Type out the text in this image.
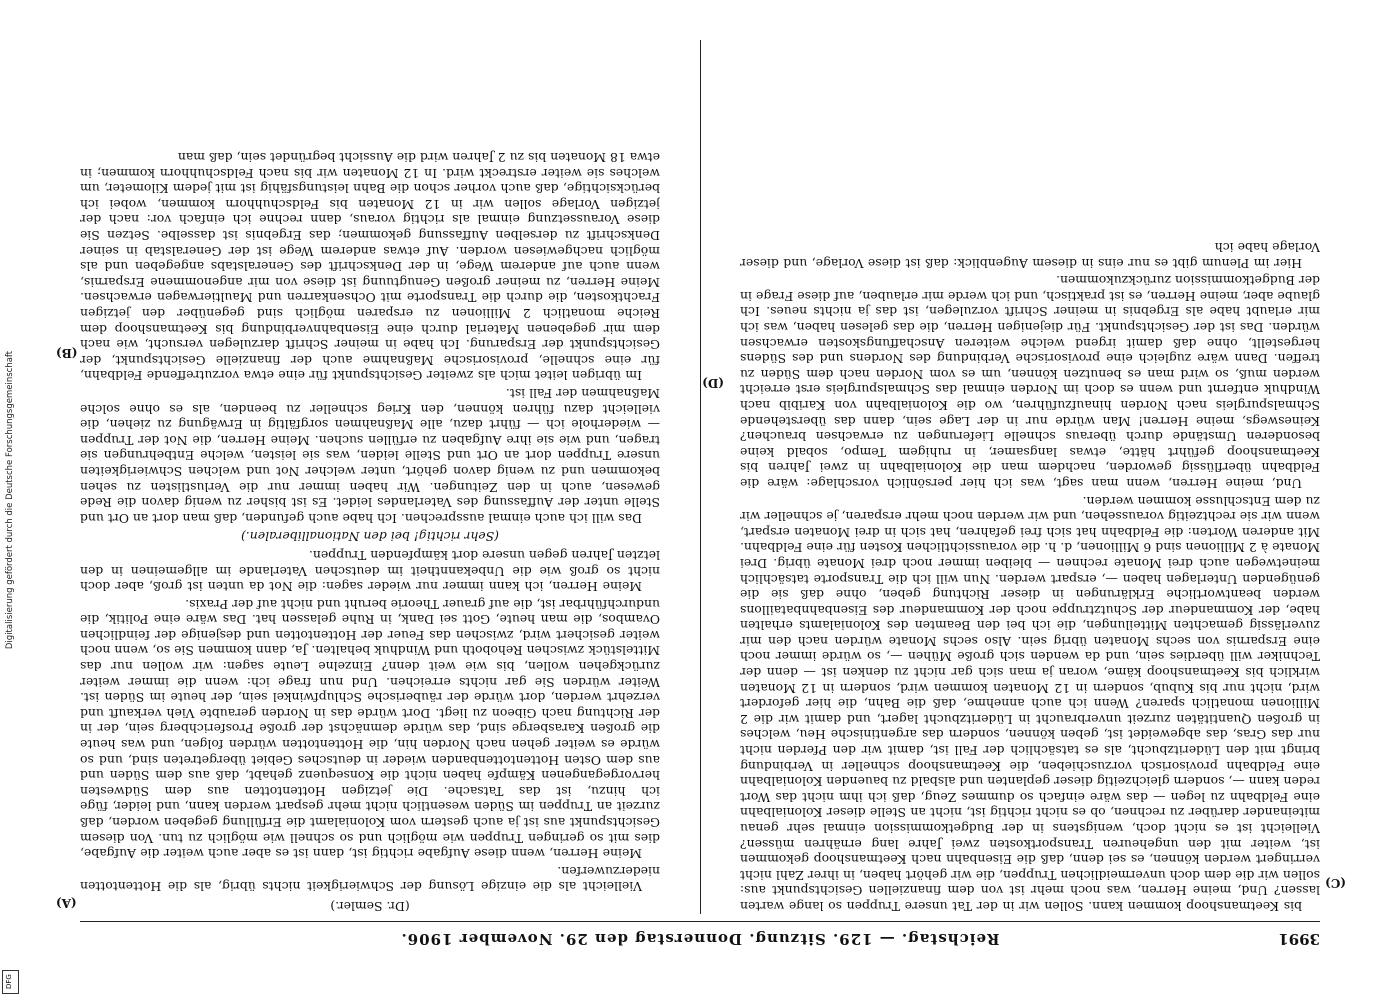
Digitalisierung gefördert durch die Deutsche Forschungsgemeinschaft
DFG
3991
Reichstag. — 129. Sitzung. Donnerstag den 29. November 1906.

bis Keetmanshoop kommen kann. Sollen wir in der Tat unsere Truppen so lange warten lassen? Und, meine Herren, was noch mehr ist von dem finanziellen Gesichtspunkt aus: sollen wir die dem doch unvermeidlichen Truppen, die wir gehört haben, in ihrer Zahl nicht verringert werden können, es sei denn, daß die Eisenbahn nach Keetmanshoop gekommen ist, weiter mit den ungeheuren Transportkosten zwei Jahre lang ernähren müssen? Vielleicht ist es nicht doch, wenigstens in der Budgetkommission einmal sehr genau miteinander darüber zu rechnen, ob es nicht richtig ist, nicht an Stelle dieser Kolonialbahn eine Feldbahn zu legen — das wäre einfach so dummes Zeug, daß ich ihm nicht das Wort reden kann —, sondern gleichzeitig dieser geplanten und alsbald zu bauenden Kolonialbahn eine Feldbahn provisorisch vorzuschieben, die Keetmanshoop schneller in Verbindung bringt mit den Lüderitzbucht, als es tatsächlich der Fall ist, damit wir den Pferden nicht nur das Gras, das abgeweidet ist, geben können, sondern das argentinische Heu, welches in großen Quantitäten zurzeit unverbraucht in Lüderitzbucht lagert, und damit wir die 2 Millionen monatlich sparen? Wenn ich auch annehme, daß die Bahn, die hier gefordert wird, nicht nur bis Kubub, sondern in 12 Monaten kommen wird, sondern in 12 Monaten wirklich bis Keetmanshoop käme, woran ja man sich gar nicht zu denken ist — denn der Techniker will überdies sein, und da wenden sich große Mühen —, so würde immer noch eine Ersparnis von sechs Monaten übrig sein. Also sechs Monate würden nach den mir zuverlässig gemachten Mitteilungen, die ich bei den Beamten des Kolonialamts erhalten habe, der Kommandeur der Schutztruppe noch der Kommandeur des Eisenbahnbataillons werden beantwortliche Erklärungen in dieser Richtung geben, ohne daß sie die genügenden Unterlagen haben —, erspart werden. Nun will ich die Transporte tatsächlich meinetwegen auch drei Monate rechnen — bleiben immer noch drei Monate übrig. Drei Monate à 2 Millionen sind 6 Millionen, d. h. die voraussichtlichen Kosten für eine Feldbahn. Mit anderen Worten: die Feldbahn hat sich frei gefahren, hat sich in drei Monaten erspart, wenn wir sie rechtzeitig voraussehen, und wir werden noch mehr ersparen, je schneller wir zu dem Entschlusse kommen werden.

Und, meine Herren, wenn man sagt, was ich hier persönlich vorschlage: wäre die Feldbahn überflüssig geworden, nachdem man die Kolonialbahn in zwei Jahren bis Keetmanshoop geführt hätte, etwas langsamer, in ruhigem Tempo, sobald keine besonderen Umstände durch überaus schnelle Lieferungen zu erwachsen brauchen? Keineswegs, meine Herren! Man würde nur in der Lage sein, dann das überstehende Schmalspurgleis nach Norden hinaufzuführen, wo die Kolonialbahn von Karibib nach Windhuk entfernt und wenn es doch im Norden einmal das Schmalspurgleis erst erreicht werden muß, so wird man es benutzen können, um es vom Norden nach dem Süden zu treffen. Dann wäre zugleich eine provisorische Verbindung des Nordens und des Südens hergestellt, ohne daß damit irgend welche weiteren Anschaffungskosten erwachsen würden. Das ist der Gesichtspunkt. Für diejenigen Herren, die das gelesen haben, was ich mir erlaubt habe als Ergebnis in meiner Schrift vorzulegen, ist das ja nichts neues. Ich glaube aber, meine Herren, es ist praktisch, und ich werde mir erlauben, auf diese Frage in der Budgetkommission zurückzukommen.

Hier im Plenum gibt es nur eins in diesem Augenblick: daß ist diese Vorlage, und dieser Vorlage habe ich

(Dr. Semler.)

Vielleicht als die einzige Lösung der Schwierigkeit nichts übrig, als die Hottentotten niederzuwerfen.

Meine Herren, wenn diese Aufgabe richtig ist, dann ist es aber auch weiter die Aufgabe, dies mit so geringen Truppen wie möglich und so schnell wie möglich zu tun. Von diesem Gesichtspunkt aus ist ja auch gestern vom Kolonialamt die Erfüllung gegeben worden, daß zurzeit an Truppen im Süden wesentlich nicht mehr gespart werden kann, und leider, füge ich hinzu, ist das Tatsache. Die jetzigen Hottentotten aus dem Südwesten hervorgegangenen Kämpfe haben nicht die Konsequenz gehabt, daß aus dem Süden und aus dem Osten Hottentottenbanden wieder in deutsches Gebiet übergetreten sind, und so würde es weiter gehen nach Norden hin, die Hottentotten würden folgen, und was heute die großen Karasberge sind, das würde demnächst der große Prosferichberg sein, der in der Richtung nach Gibeon zu liegt. Dort würde das in Norden geraubte Vieh verkauft und verzehrt werden, dort würde der räuberische Schlupfwinkel sein, der heute im Süden ist. Weiter würden Sie gar nichts erreichen. Und nun frage ich: wenn die immer weiter zurückgehen wollen, bis wie weit denn? Einzelne Leute sagen: wir wollen nur das Mittelstück zwischen Rehoboth und Windhuk behalten. Ja, dann kommen Sie so, wenn noch weiter gesichert wird, zwischen das Feuer der Hottentotten und desjenige der feindlichen Ovambos, die man heute, Gott sei Dank, in Ruhe gelassen hat. Das wäre eine Politik, die undurchführbar ist, die auf grauer Theorie beruht und nicht auf der Praxis.

Meine Herren, ich kann immer nur wieder sagen: die Not da unten ist groß, aber doch nicht so groß wie die Unbekanntheit im deutschen Vaterlande im allgemeinen in den letzten Jahren gegen unsere dort kämpfenden Truppen.

(Sehr richtig! bei den Nationalliberalen.)

Das will ich auch einmal aussprechen. Ich habe auch gefunden, daß man dort an Ort und Stelle unter der Auffassung des Vaterlandes leidet. Es ist bisher zu wenig davon die Rede gewesen, auch in den Zeitungen. Wir haben immer nur die Verlustlisten zu sehen bekommen und zu wenig davon gehört, unter welcher Not und welchen Schwierigkeiten unsere Truppen dort an Ort und Stelle leiden, was sie leisten, welche Entbehrungen sie tragen, und wie sie ihre Aufgaben zu erfüllen suchen. Meine Herren, die Not der Truppen — wiederhole ich — führt dazu, alle Maßnahmen sorgfältig in Erwägung zu ziehen, die vielleicht dazu führen können, den Krieg schneller zu beenden, als es ohne solche Maßnahmen der Fall ist.

Im übrigen leitet mich als zweiter Gesichtspunkt für eine etwa vorzutreffende Feldbahn, für eine schnelle, provisorische Maßnahme auch der finanzielle Gesichtspunkt, der Gesichtspunkt der Ersparung. Ich habe in meiner Schrift darzulegen versucht, wie nach dem mir gegebenen Material durch eine Eisenbahnverbindung bis Keetmanshoop dem Reiche monatlich 2 Millionen zu ersparen möglich sind gegenüber den jetzigen Frachtkosten, die durch die Transporte mit Ochsenkarren und Maultierwagen erwachsen. Meine Herren, zu meiner großen Genugtuung ist diese von mir angenommene Ersparnis, wenn auch auf anderem Wege, in der Denkschrift des Generalstabs angegeben und als möglich nachgewiesen worden. Auf etwas anderem Wege ist der Generalstab in seiner Denkschrift zu derselben Auffassung gekommen; das Ergebnis ist dasselbe. Setzen Sie diese Voraussetzung einmal als richtig voraus, dann rechne ich einfach vor: nach der jetzigen Vorlage sollen wir in 12 Monaten bis Feldschuhhorn kommen, wobei ich berücksichtige, daß auch vorher schon die Bahn leistungsfähig ist mit jedem Kilometer, um welches sie weiter erstreckt wird. In 12 Monaten wir bis nach Feldschuhhorn kommen; in etwa 18 Monaten bis zu 2 Jahren wird die Aussicht begründet sein, daß man

(C)
(D)
(A)
(B)
